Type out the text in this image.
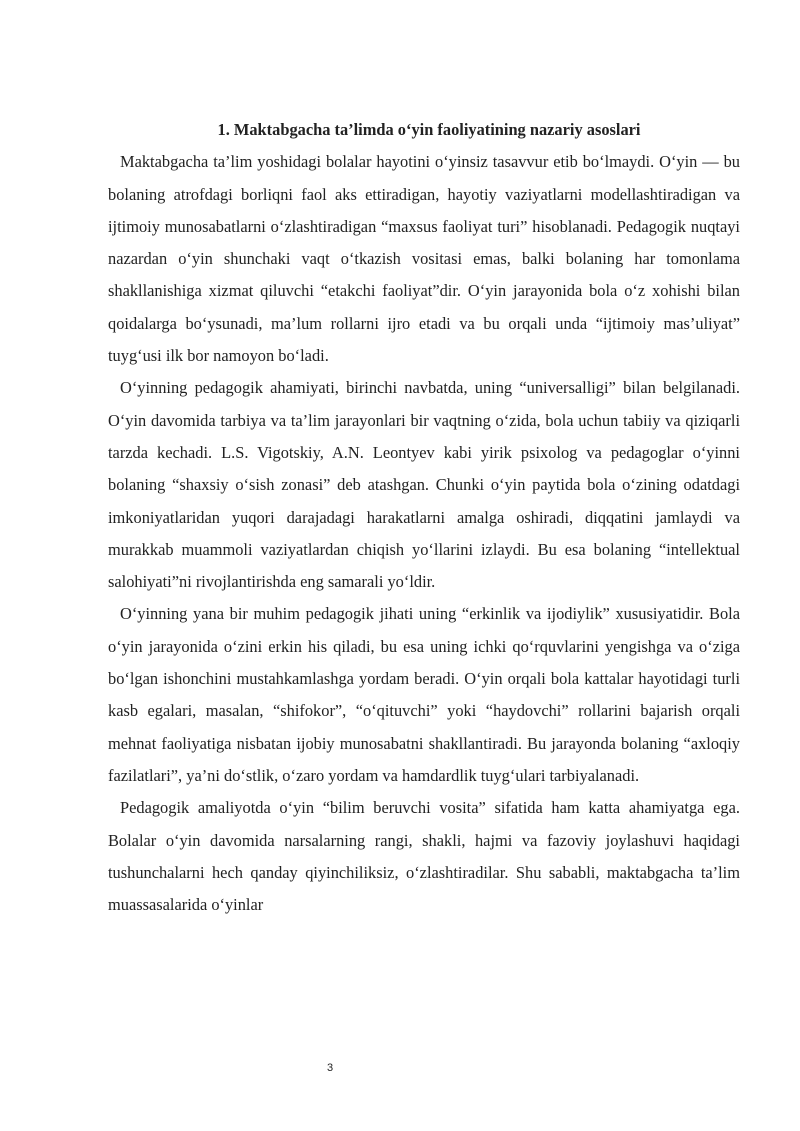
1. Maktabgacha ta’limda o‘yin faoliyatining nazariy asoslari

Maktabgacha ta’lim yoshidagi bolalar hayotini o‘yinsiz tasavvur etib bo‘lmaydi. O‘yin — bu bolaning atrofdagi borliqni faol aks ettiradigan, hayotiy vaziyatlarni modellashtiradigan va ijtimoiy munosabatlarni o‘zlashtiradigan “maxsus faoliyat turi” hisoblanadi. Pedagogik nuqtayi nazardan o‘yin shunchaki vaqt o‘tkazish vositasi emas, balki bolaning har tomonlama shakllanishiga xizmat qiluvchi “etakchi faoliyat”dir. O‘yin jarayonida bola o‘z xohishi bilan qoidalarga bo‘ysunadi, ma’lum rollarni ijro etadi va bu orqali unda “ijtimoiy mas’uliyat” tuyg‘usi ilk bor namoyon bo‘ladi.

O‘yinning pedagogik ahamiyati, birinchi navbatda, uning “universalligi” bilan belgilanadi. O‘yin davomida tarbiya va ta’lim jarayonlari bir vaqtning o‘zida, bola uchun tabiiy va qiziqarli tarzda kechadi. L.S. Vigotskiy, A.N. Leontyev kabi yirik psixolog va pedagoglar o‘yinni bolaning “shaxsiy o‘sish zonasi” deb atashgan. Chunki o‘yin paytida bola o‘zining odatdagi imkoniyatlaridan yuqori darajadagi harakatlarni amalga oshiradi, diqqatini jamlaydi va murakkab muammoli vaziyatlardan chiqish yo‘llarini izlaydi. Bu esa bolaning “intellektual salohiyati”ni rivojlantirishda eng samarali yo‘ldir.

O‘yinning yana bir muhim pedagogik jihati uning “erkinlik va ijodiylik” xususiyatidir. Bola o‘yin jarayonida o‘zini erkin his qiladi, bu esa uning ichki qo‘rquvlarini yengishga va o‘ziga bo‘lgan ishonchini mustahkamlashga yordam beradi. O‘yin orqali bola kattalar hayotidagi turli kasb egalari, masalan, “shifokor”, “o‘qituvchi” yoki “haydovchi” rollarini bajarish orqali mehnat faoliyatiga nisbatan ijobiy munosabatni shakllantiradi. Bu jarayonda bolaning “axloqiy fazilatlari”, ya’ni do‘stlik, o‘zaro yordam va hamdardlik tuyg‘ulari tarbiyalanadi.

Pedagogik amaliyotda o‘yin “bilim beruvchi vosita” sifatida ham katta ahamiyatga ega. Bolalar o‘yin davomida narsalarning rangi, shakli, hajmi va fazoviy joylashuvi haqidagi tushunchalarni hech qanday qiyinchiliksiz, o‘zlashtiradilar. Shu sababli, maktabgacha ta’lim muassasalarida o‘yinlar

3
